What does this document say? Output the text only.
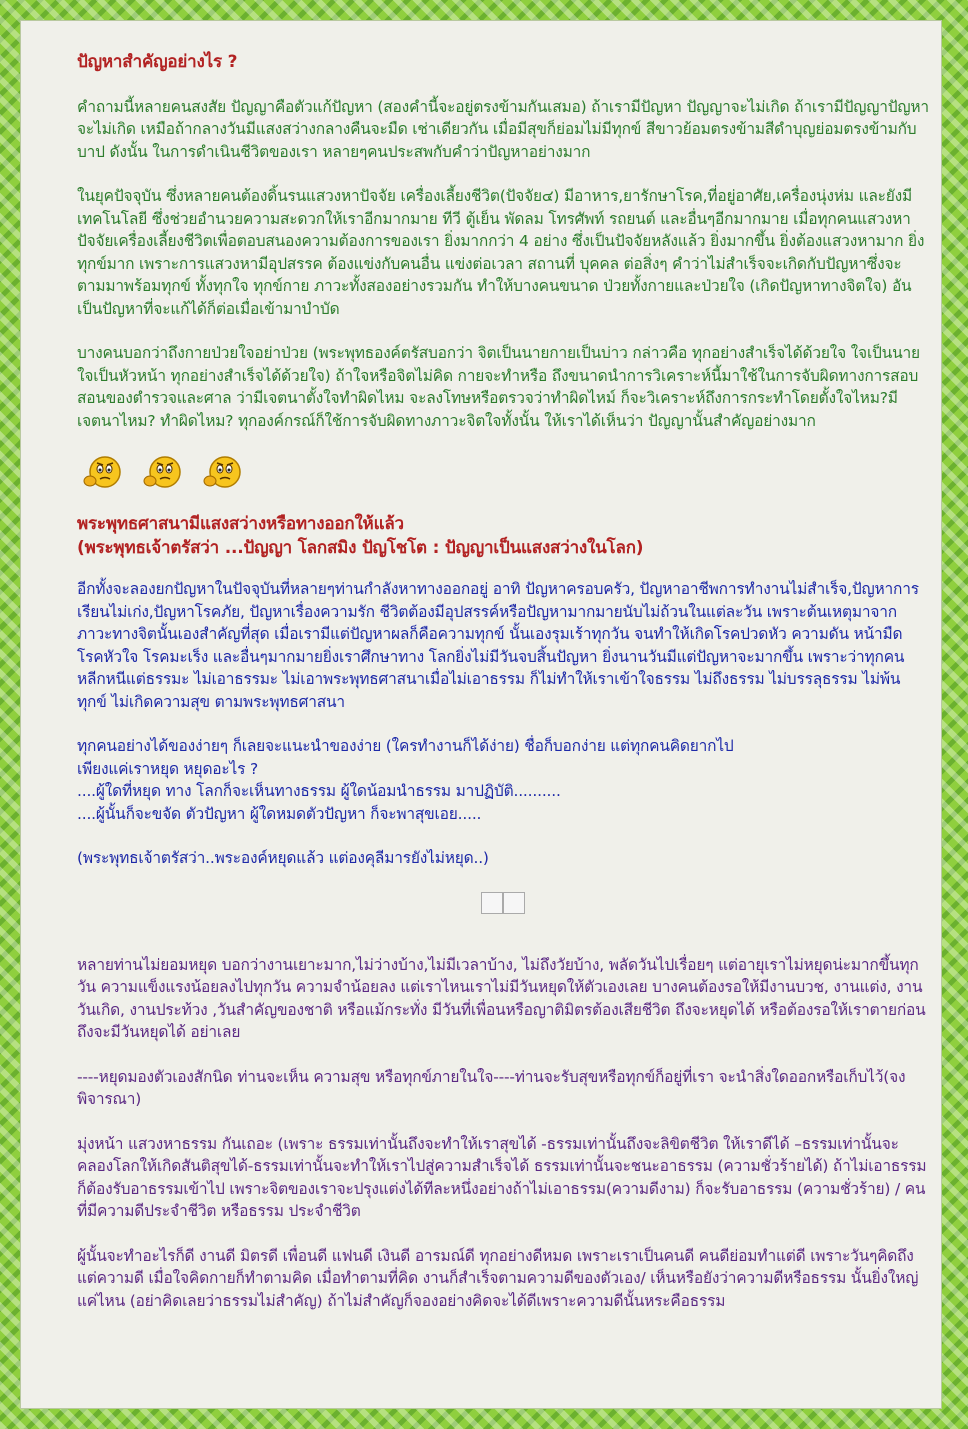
ปัญหาสำคัญอย่างไร ?

คำถามนี้หลายคนสงสัย ปัญญาคือตัวแก้ปัญหา (สองคำนี้จะอยู่ตรงข้ามกันเสมอ) ถ้าเรามีปัญหา ปัญญาจะไม่เกิด ถ้าเรามีปัญญาปัญหาจะไม่เกิด เหมือถ้ากลางวันมีแสงสว่างกลางคืนจะมืด เช่าเดียวกัน เมื่อมีสุขก็ย่อมไม่มีทุกข์ สีขาวย้อมตรงข้ามสีดำบุญย่อมตรงข้ามกับบาป ดังนั้น ในการดำเนินชีวิตของเรา หลายๆคนประสพกับคำว่าปัญหาอย่างมาก

ในยุคปัจจุบัน ซึ่งหลายคนต้องดิ้นรนแสวงหาปัจจัย เครื่องเลี้ยงชีวิต(ปัจจัย๔) มีอาหาร,ยารักษาโรค,ที่อยู่อาศัย,เครื่องนุ่งห่ม และยังมีเทคโนโลยี ซึ่งช่วยอำนวยความสะดวกให้เราอีกมากมาย ทีวี ตู้เย็น พัดลม โทรศัพท์ รถยนต์ และอื่นๆอีกมากมาย เมื่อทุกคนแสวงหาปัจจัยเครื่องเลี้ยงชีวิตเพื่อตอบสนองความต้องการของเรา ยิ่งมากกว่า 4 อย่าง ซึ่งเป็นปัจจัยหลังแล้ว ยิ่งมากขึ้น ยิ่งต้องแสวงหามาก ยิ่งทุกข์มาก เพราะการแสวงหามีอุปสรรค ต้องแข่งกับคนอื่น แข่งต่อเวลา สถานที่ บุคคล ต่อสิ่งๆ คำว่าไม่สำเร็จจะเกิดกับปัญหาซึ่งจะตามมาพร้อมทุกข์ ทั้งทุกใจ ทุกข์กาย ภาวะทั้งสองอย่างรวมกัน ทำให้บางคนขนาด ป่วยทั้งกายและป่วยใจ (เกิดปัญหาทางจิตใจ) อันเป็นปัญหาที่จะแก้ได้ก็ต่อเมื่อเข้ามาบำบัด

บางคนบอกว่าถึงกายป่วยใจอย่าป่วย (พระพุทธองค์ตรัสบอกว่า จิตเป็นนายกายเป็นบ่าว กล่าวคือ ทุกอย่างสำเร็จได้ด้วยใจ ใจเป็นนาย ใจเป็นหัวหน้า ทุกอย่างสำเร็จได้ด้วยใจ) ถ้าใจหรือจิตไม่คิด กายจะทำหรือ ถึงขนาดนำการวิเคราะห์นี้มาใช้ในการจับผิดทางการสอบสอนของตำรวจและศาล ว่ามีเจตนาตั้งใจทำผิดไหม จะลงโทษหรือตรวจว่าทำผิดไหม์ ก็จะวิเคราะห์ถึงการกระทำโดยตั้งใจไหม?มีเจตนาไหม? ทำผิดไหม? ทุกองค์กรณ์ก็ใช้การจับผิดทางภาวะจิตใจทั้งนั้น ให้เราได้เห็นว่า ปัญญานั้นสำคัญอย่างมาก

พระพุทธศาสนามีแสงสว่างหรือทางออกให้แล้ว
(พระพุทธเจ้าตรัสว่า ...ปัญญา โลกสมิง ปัญโชโต : ปัญญาเป็นแสงสว่างในโลก)

อีกทั้งจะลองยกปัญหาในปัจจุบันที่หลายๆท่านกำลังหาทางออกอยู่ อาทิ ปัญหาครอบครัว, ปัญหาอาชีพการทำงานไม่สำเร็จ,ปัญหาการเรียนไม่เก่ง,ปัญหาโรคภัย, ปัญหาเรื่องความรัก ชีวิตต้องมีอุปสรรค์หรือปัญหามากมายนับไม่ถ้วนในแต่ละวัน เพราะต้นเหตุมาจากภาวะทางจิตนั้นเองสำคัญที่สุด เมื่อเรามีแต่ปัญหาผลก็คือความทุกข์ นั้นเองรุมเร้าทุกวัน จนทำให้เกิดโรคปวดหัว ความดัน หน้ามืด โรคหัวใจ โรคมะเร็ง และอื่นๆมากมายยิ่งเราศึกษาทาง โลกยิ่งไม่มีวันจบสิ้นปัญหา ยิ่งนานวันมีแต่ปัญหาจะมากขึ้น เพราะว่าทุกคน หลีกหนีแต่ธรรมะ ไม่เอาธรรมะ ไม่เอาพระพุทธศาสนาเมื่อไม่เอาธรรม ก็ไม่ทำให้เราเข้าใจธรรม ไม่ถึงธรรม ไม่บรรลุธรรม ไม่พ้นทุกข์ ไม่เกิดความสุข ตามพระพุทธศาสนา

ทุกคนอย่างได้ของง่ายๆ ก็เลยจะแนะนำของง่าย (ใครทำงานก็ได้ง่าย) ชื่อก็บอกง่าย แต่ทุกคนคิดยากไป
เพียงแค่เราหยุด หยุดอะไร ?
....ผู้ใดที่หยุด ทาง โลกก็จะเห็นทางธรรม ผู้ใดน้อมนำธรรม มาปฏิบัติ..........
....ผู้นั้นก็จะขจัด ตัวปัญหา ผู้ใดหมดตัวปัญหา ก็จะพาสุขเอย.....

(พระพุทธเจ้าตรัสว่า..พระองค์หยุดแล้ว แต่องคุลีมารยังไม่หยุด..)

หลายท่านไม่ยอมหยุด บอกว่างานเยาะมาก,ไม่ว่างบ้าง,ไม่มีเวลาบ้าง, ไม่ถึงวัยบ้าง, พลัดวันไปเรื่อยๆ แต่อายุเราไม่หยุดน่ะมากขึ้นทุกวัน ความแข็งแรงน้อยลงไปทุกวัน ความจำน้อยลง แต่เราไหนเราไม่มีวันหยุดให้ตัวเองเลย บางคนต้องรอให้มีงานบวช, งานแต่ง, งานวันเกิด, งานประท้วง ,วันสำคัญของชาติ หรือแม้กระทั่ง มีวันที่เพื่อนหรือญาติมิตรต้องเสียชีวิต ถึงจะหยุดได้ หรือต้องรอให้เราตายก่อนถึงจะมีวันหยุดได้ อย่าเลย

----หยุดมองตัวเองสักนิด ท่านจะเห็น ความสุข หรือทุกข์ภายในใจ----ท่านจะรับสุขหรือทุกข์ก็อยู่ที่เรา จะนำสิ่งใดออกหรือเก็บไว้(จงพิจารณา)

มุ่งหน้า แสวงหาธรรม กันเถอะ (เพราะ ธรรมเท่านั้นถึงจะทำให้เราสุขได้ -ธรรมเท่านั้นถึงจะลิขิตชีวิต ให้เราดีได้ –ธรรมเท่านั้นจะคลองโลกให้เกิดสันติสุขได้-ธรรมเท่านั้นจะทำให้เราไปสู่ความสำเร็จได้ ธรรมเท่านั้นจะชนะอาธรรม (ความชั่วร้ายได้) ถ้าไม่เอาธรรมก็ต้องรับอาธรรมเข้าไป เพราะจิตของเราจะปรุงแต่งได้ทีละหนึ่งอย่างถ้าไม่เอาธรรม(ความดีงาม) ก็จะรับอาธรรม (ความชั่วร้าย) / คนที่มีความดีประจำชีวิต หรือธรรม ประจำชีวิต

ผู้นั้นจะทำอะไรก็ดี งานดี มิตรดี เพื่อนดี แฟนดี เงินดี อารมณ์ดี ทุกอย่างดีหมด เพราะเราเป็นคนดี คนดีย่อมทำแต่ดี เพราะวันๆคิดถึงแต่ความดี เมื่อใจคิดกายก็ทำตามคิด เมื่อทำตามที่คิด งานก็สำเร็จตามความดีของตัวเอง/ เห็นหรือยังว่าความดีหรือธรรม นั้นยิ่งใหญ่แค่ไหน (อย่าคิดเลยว่าธรรมไม่สำคัญ) ถ้าไม่สำคัญก็จองอย่างคิดจะได้ดีเพราะความดีนั้นหระคือธรรม
